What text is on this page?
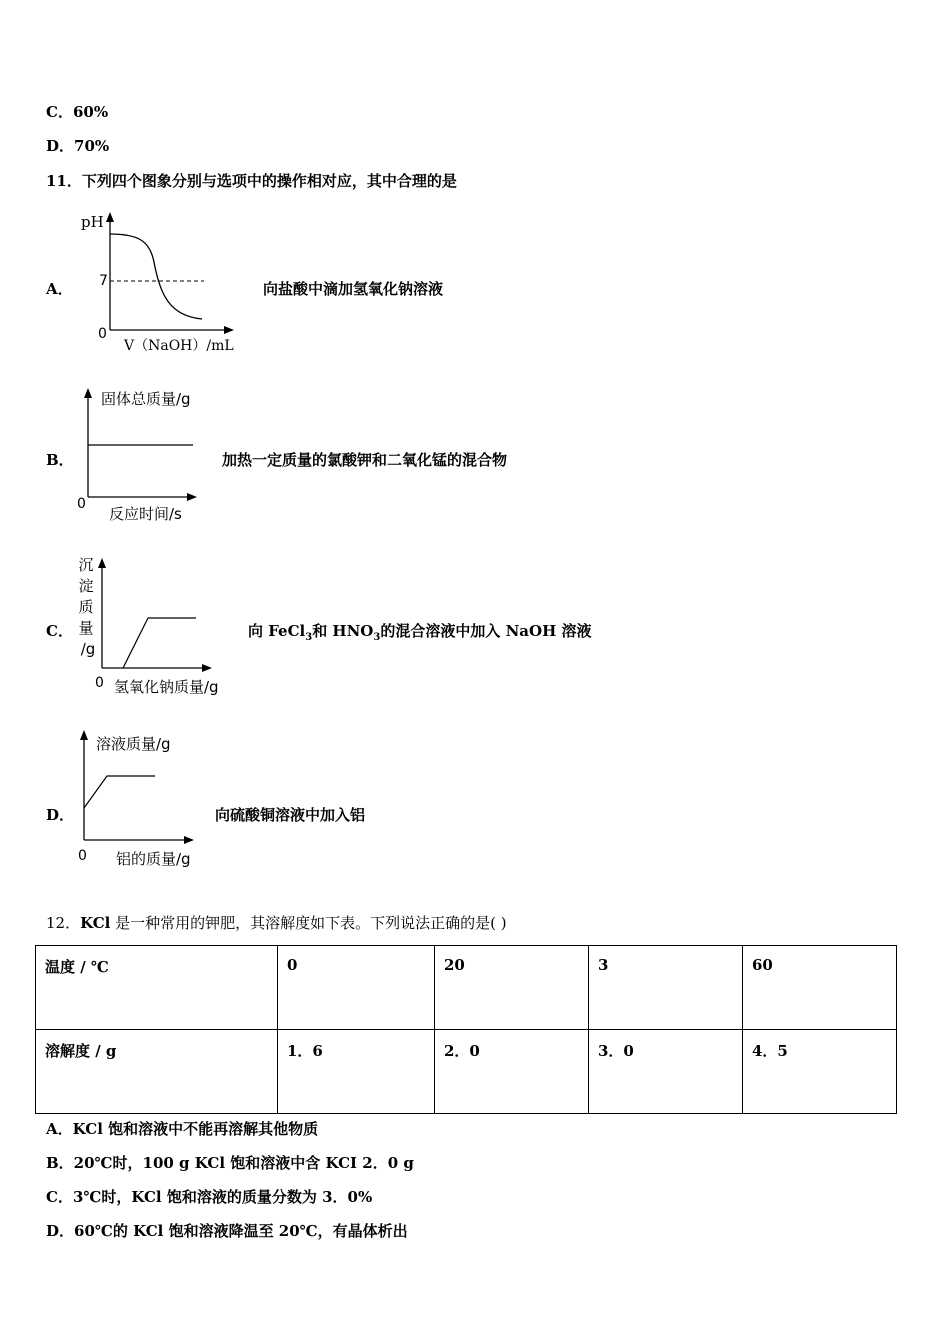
C．60%
D．70%
11．下列四个图象分别与选项中的操作相对应，其中合理的是
A．
pH
7
0
V（NaOH）/mL
向盐酸中滴加氢氧化钠溶液
B．
固体总质量/g
0
反应时间/s
加热一定质量的氯酸钾和二氧化锰的混合物
C．
沉
淀
质
量
/g
0 氢氧化钠质量/g
向 FeCl$_3$和 $HNO_3$的混合溶液中加入 NaOH 溶液
D．
溶液质量/g
0 铝的质量/g
向硫酸铜溶液中加入铝
12．KCl 是一种常用的钾肥，其溶解度如下表。下列说法正确的是( )
温度 / ℃	0	20	3	60
溶解度 / g	1．6	2．0	3．0	4．5
A．KCl 饱和溶液中不能再溶解其他物质
B．20℃时，100 g KCl 饱和溶液中含 KCI 2．0 g
C．3℃时，KCl 饱和溶液的质量分数为 3．0%
D．60℃的 KCl 饱和溶液降温至 20℃，有晶体析出
